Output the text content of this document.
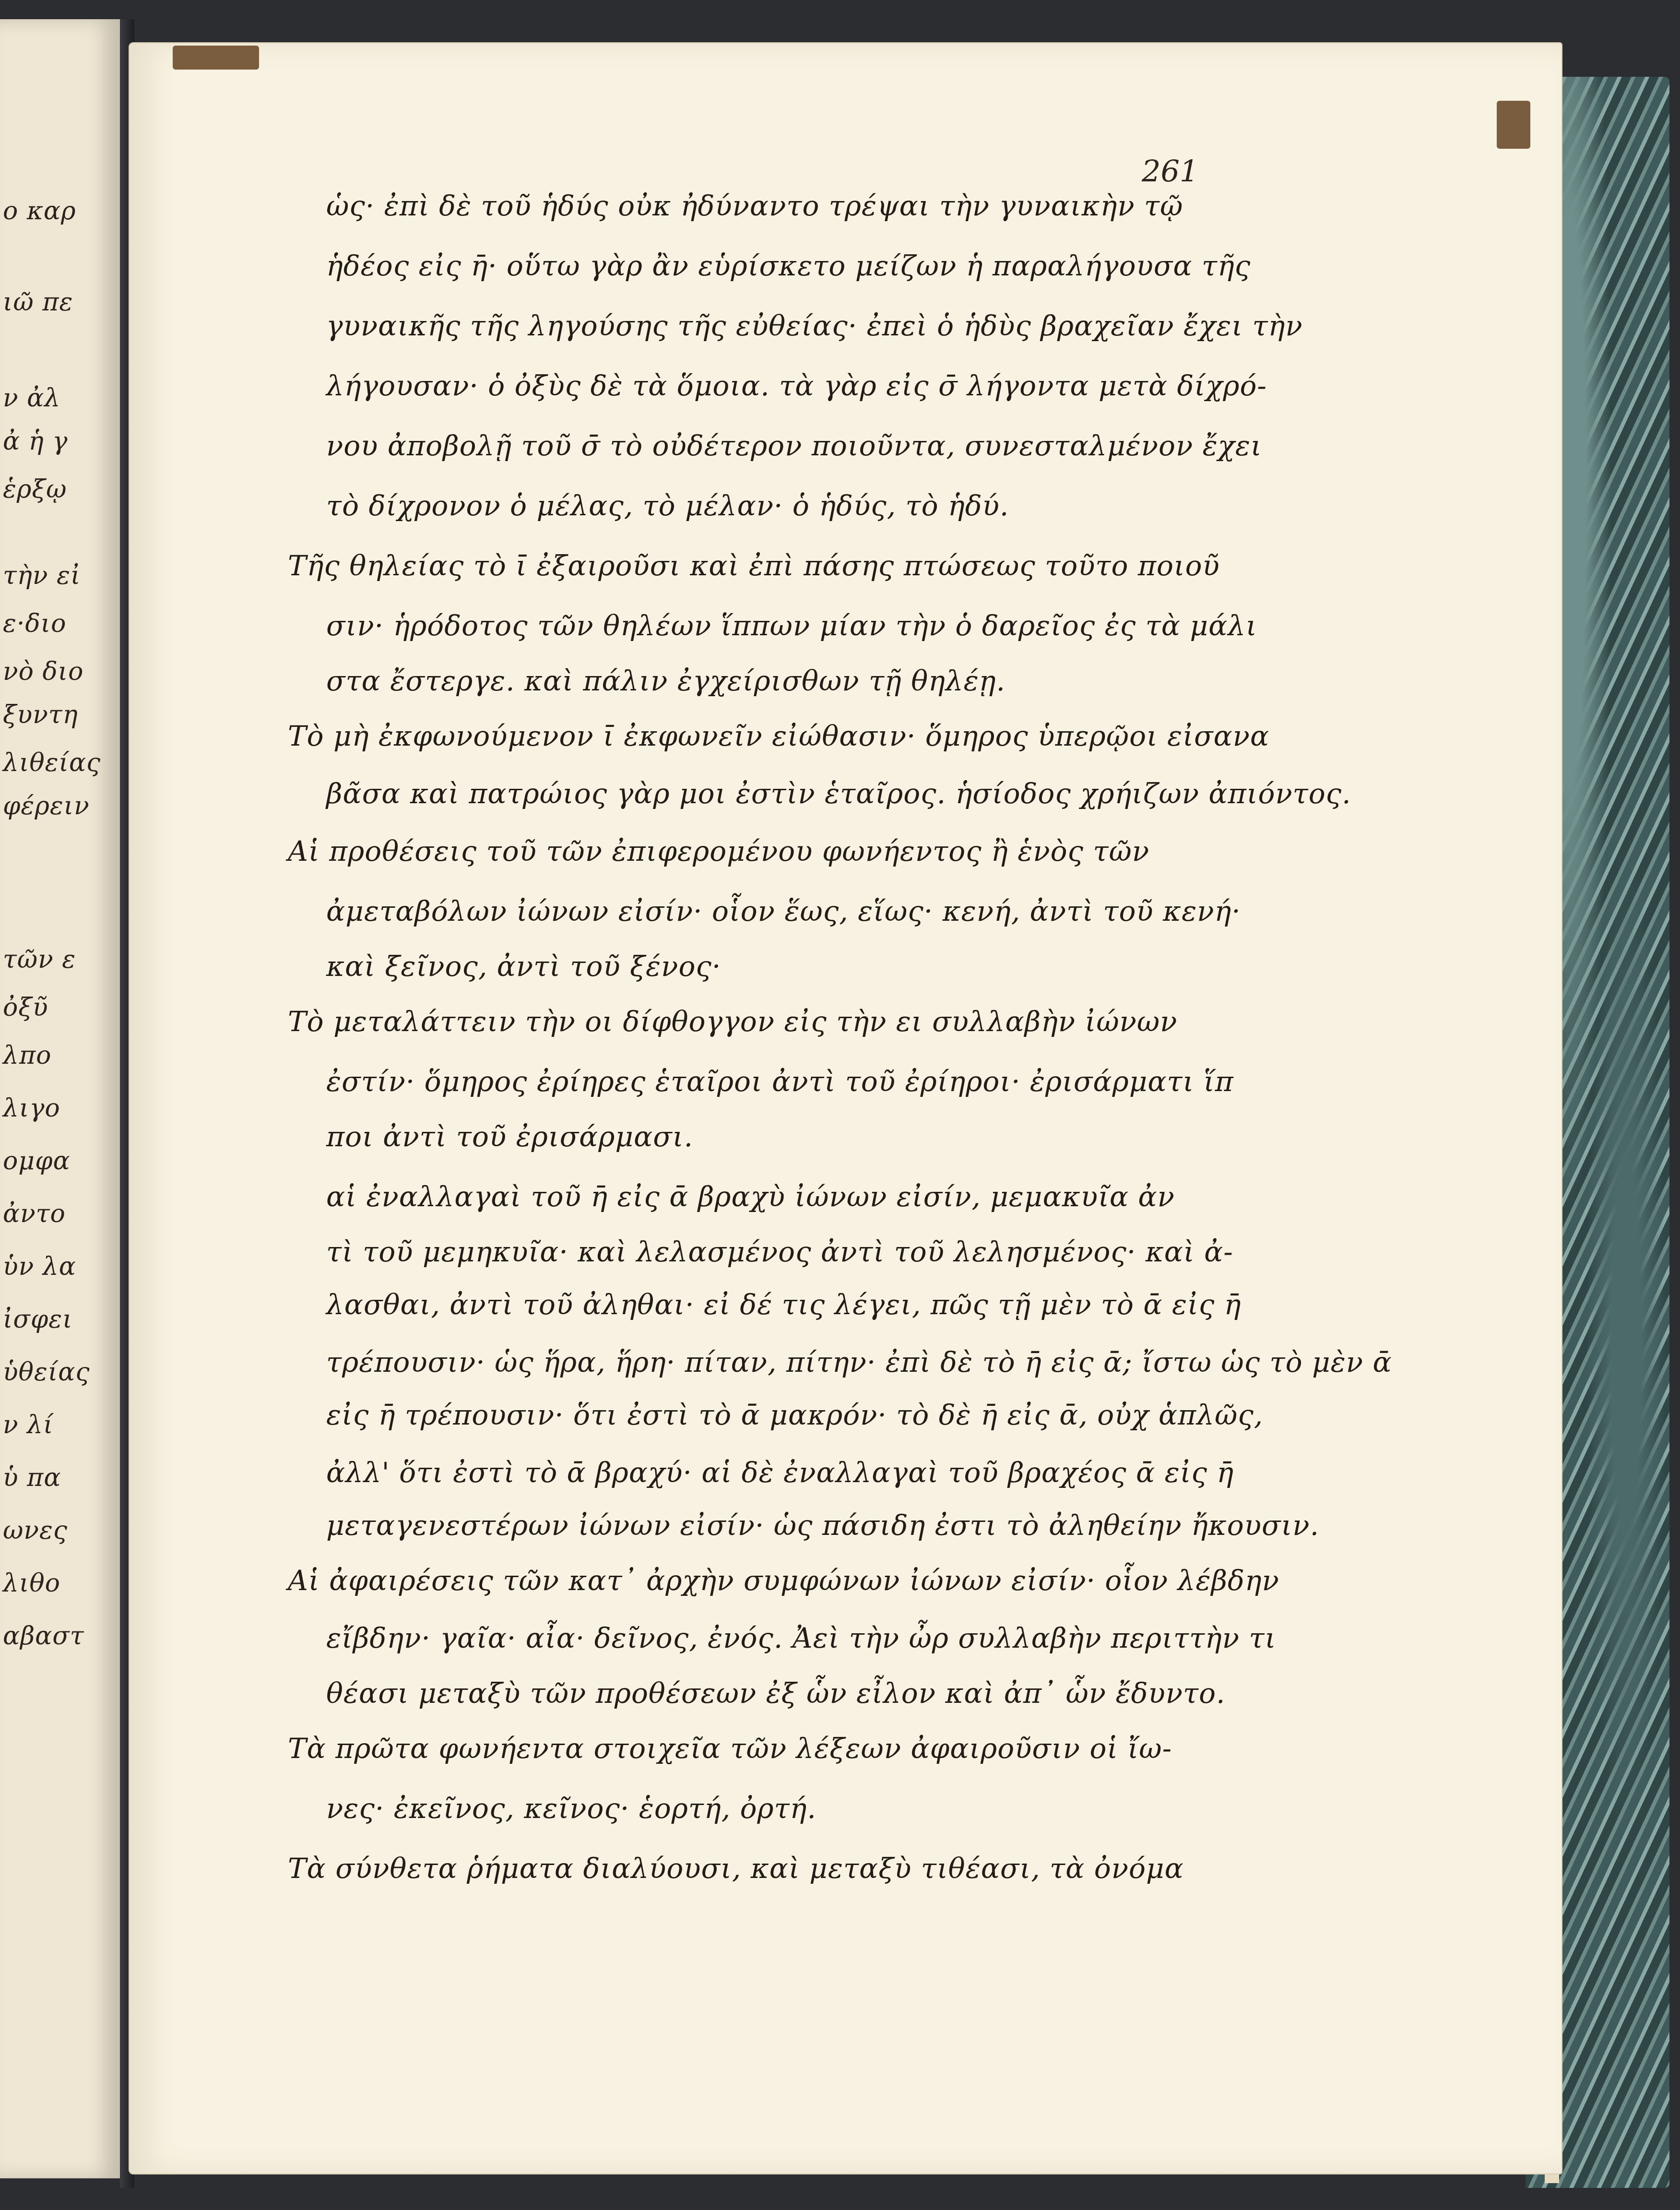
ο καρ
ιῶ πε
ν ἀλ
ἀ ἡ γ
ἑρξῳ
τὴν εἰ
ε·διο
νὸ διο
ξυντη
λιθείας
φέρειν
τῶν ε
ὀξῦ
λπο
λιγο
ομφα
ἀντο
ὑν λα
ἰσφει
ὑθείας
ν λί
ὑ πα
ωνες
λιθο
αβαστ
261
ὡς· ἐπὶ δὲ τοῦ ἡδύς οὐκ ἠδύναντο τρέψαι τὴν γυναικὴν τῷ
ἡδέος εἰς η̄· οὕτω γὰρ ἂν εὑρίσκετο μείζων ἡ παραλήγουσα τῆς
γυναικῆς τῆς ληγούσης τῆς εὐθείας· ἐπεὶ ὁ ἡδὺς βραχεῖαν ἔχει τὴν
λήγουσαν· ὁ ὀξὺς δὲ τὰ ὅμοια. τὰ γὰρ εἰς σ̄ λήγοντα μετὰ δίχρό-
νου ἀποβολῇ τοῦ σ̄ τὸ οὐδέτερον ποιοῦντα, συνεσταλμένον ἔχει
τὸ δίχρονον ὁ μέλας, τὸ μέλαν· ὁ ἡδύς, τὸ ἡδύ.
Τῆς θηλείας τὸ ῑ ἐξαιροῦσι καὶ ἐπὶ πάσης πτώσεως τοῦτο ποιοῦ
σιν· ἡρόδοτος τῶν θηλέων ἵππων μίαν τὴν ὁ δαρεῖος ἐς τὰ μάλι
στα ἔστεργε. καὶ πάλιν ἐγχείρισθων τῇ θηλέῃ.
Τὸ μὴ ἐκφωνούμενον ῑ ἐκφωνεῖν εἰώθασιν· ὅμηρος ὑπερῷοι εἰσανα
βᾶσα καὶ πατρώιος γὰρ μοι ἐστὶν ἑταῖρος. ἡσίοδος χρήιζων ἀπιόντος.
Αἱ προθέσεις τοῦ τῶν ἐπιφερομένου φωνήεντος ἢ ἑνὸς τῶν
ἀμεταβόλων ἰώνων εἰσίν· οἷον ἕως, εἵως· κενή, ἀντὶ τοῦ κενή·
καὶ ξεῖνος, ἀντὶ τοῦ ξένος·
Τὸ μεταλάττειν τὴν οι δίφθογγον εἰς τὴν ει συλλαβὴν ἰώνων
ἐστίν· ὅμηρος ἐρίηρες ἑταῖροι ἀντὶ τοῦ ἐρίηροι· ἐρισάρματι ἵπ
ποι ἀντὶ τοῦ ἐρισάρμασι.
αἱ ἐναλλαγαὶ τοῦ η̄ εἰς ᾱ βραχὺ ἰώνων εἰσίν, μεμακυῖα ἀν
τὶ τοῦ μεμηκυῖα· καὶ λελασμένος ἀντὶ τοῦ λελησμένος· καὶ ἀ-
λασθαι, ἀντὶ τοῦ ἀληθαι· εἰ δέ τις λέγει, πῶς τῇ μὲν τὸ ᾱ εἰς η̄
τρέπουσιν· ὡς ἥρα, ἥρη· πίταν, πίτην· ἐπὶ δὲ τὸ η̄ εἰς ᾱ; ἴστω ὡς τὸ μὲν ᾱ
εἰς η̄ τρέπουσιν· ὅτι ἐστὶ τὸ ᾱ μακρόν· τὸ δὲ η̄ εἰς ᾱ, οὐχ ἁπλῶς,
ἀλλ' ὅτι ἐστὶ τὸ ᾱ βραχύ· αἱ δὲ ἐναλλαγαὶ τοῦ βραχέος ᾱ εἰς η̄
μεταγενεστέρων ἰώνων εἰσίν· ὡς πάσιδη ἐστι τὸ ἀληθείην ἤκουσιν.
Αἱ ἀφαιρέσεις τῶν κατ᾽ ἀρχὴν συμφώνων ἰώνων εἰσίν· οἷον λέβδην
εἴβδην· γαῖα· αἶα· δεῖνος, ἐνός. Ἀεὶ τὴν ὦρ συλλαβὴν περιττὴν τι
θέασι μεταξὺ τῶν προθέσεων ἐξ ὧν εἶλον καὶ ἀπ᾽ ὧν ἔδυντο.
Τὰ πρῶτα φωνήεντα στοιχεῖα τῶν λέξεων ἀφαιροῦσιν οἱ ἴω-
νες· ἐκεῖνος, κεῖνος· ἑορτή, ὀρτή.
Τὰ σύνθετα ῥήματα διαλύουσι, καὶ μεταξὺ τιθέασι, τὰ ὀνόμα
